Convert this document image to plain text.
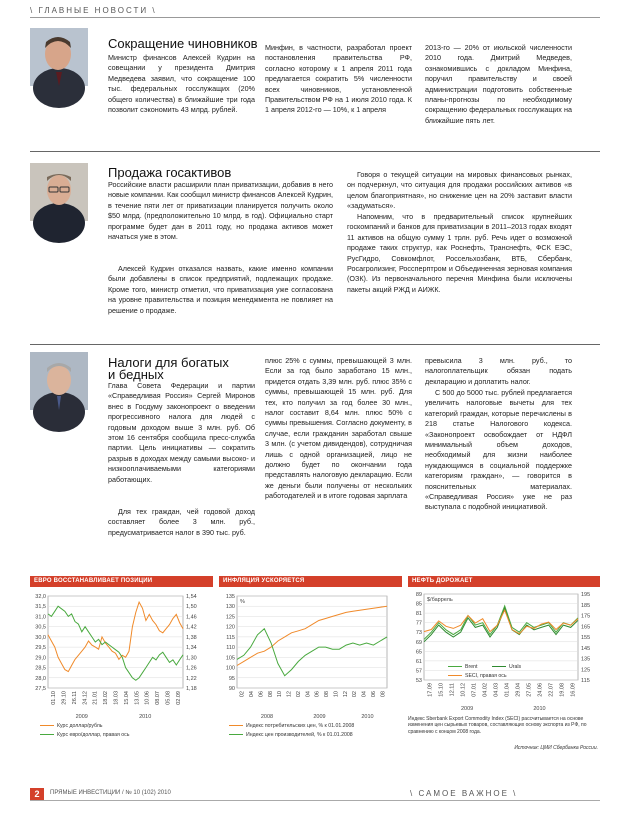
\ ГЛАВНЫЕ НОВОСТИ \
Сокращение чиновников
Министр финансов Алексей Кудрин на совещании у президента Дмитрия Медведева заявил, что сокращение 100 тыс. федеральных госслужащих (20% общего количества) в ближайшие три года позволит сэкономить 43 млрд. рублей.
Минфин, в частности, разработал проект постановления правительства РФ, согласно которому к 1 апреля 2011 года предлагается сократить 5% численности всех чиновников, установленной Правительством РФ на 1 июля 2010 года. К 1 апреля 2012-го — 10%, к 1 апреля
2013-го — 20% от июльской численности 2010 года. Дмитрий Медведев, ознакомившись с докладом Минфина, поручил правительству и своей администрации подготовить собственные планы-прогнозы по необходимому сокращению федеральных госслужащих на ближайшие пять лет.
Продажа госактивов
Российские власти расширили план приватизации, добавив в него новые компании. Как сообщил министр финансов Алексей Кудрин, в течение пяти лет от приватизации планируется получить около $50 млрд. (предположительно 10 млрд. в год). Официально старт программе будет дан в 2011 году, но продажа активов может начаться уже в этом.
Алексей Кудрин отказался назвать, какие именно компании были добавлены в список предприятий, подлежащих продаже. Кроме того, министр отметил, что приватизация уже согласована на уровне правительства и позиция менеджмента не повлияет на решение о продаже.
Говоря о текущей ситуации на мировых финансовых рынках, он подчеркнул, что ситуация для продажи российских активов «в целом благоприятная», но снижение цен на 20% заставит власти «задуматься».
Напомним, что в предварительный список крупнейших госкомпаний и банков для приватизации в 2011–2013 годах входят 11 активов на общую сумму 1 трлн. руб. Речь идет о возможной продаже таких структур, как Роснефть, Транснефть, ФСК ЕЭС, РусГидро, Совкомфлот, Россельхозбанк, ВТБ, Сбербанк, Росагролизинг, Россперптром и Объединенная зерновая компания (ОЗК). Из первоначального перечня Минфина были исключены пакеты акций РЖД и АИЖК.
Налоги для богатых
и бедных
Глава Совета Федерации и партии «Справедливая Россия» Сергей Миронов внес в Госдуму законопроект о введении прогрессивного налога для людей с годовым доходом выше 3 млн. руб. Об этом 16 сентября сообщила пресс-служба партии. Цель инициативы — сократить разрыв в доходах между самыми высоко- и низкооплачиваемыми категориями работающих.
Для тех граждан, чей годовой доход составляет более 3 млн. руб., предусматривается налог в 390 тыс. руб.
плюс 25% с суммы, превышающей 3 млн. Если за год было заработано 15 млн., придется отдать 3,39 млн. руб. плюс 35% с суммы, превышающей 15 млн. руб. Для тех, кто получил за год более 30 млн., налог составит 8,64 млн. плюс 50% с суммы превышения. Согласно документу, в случае, если гражданин заработал свыше 3 млн. (с учетом дивидендов), сотрудничая лишь с одной организацией, лицо не должно будет по окончании года представлять налоговую декларацию. Если же деньги были получены от нескольких работодателей и в итоге годовая зарплата
превысила 3 млн. руб., то налогоплательщик обязан подать декларацию и доплатить налог.
С 500 до 5000 тыс. рублей предлагается увеличить налоговые вычеты для тех категорий граждан, которые перечислены в 218 статье Налогового кодекса. «Законопроект освобождает от НДФЛ минимальный объем доходов, необходимый для жизни наиболее нуждающимся в социальной поддержке категориям граждан», — говорится в пояснительных материалах. «Справедливая Россия» уже не раз выступала с подобной инициативой.
ЕВРО ВОССТАНАВЛИВАЕТ ПОЗИЦИИ	ИНФЛЯЦИЯ УСКОРЯЕТСЯ	НЕФТЬ ДОРОЖАЕТ
32,0
31,5
31,0
30,5
30,0
29,5
29,0
28,5
28,0
27,5
1,54
1,50
1,46
1,42
1,38
1,34
1,30
1,26
1,22
1,18
01.10 29.10 26.11 24.12 21.01 18.02 18.03 15.04 13.05 10.06 08.07 05.08 02.09
2009	2010
135
130
125
120
115
110
105
100
95
90
02 04 06 08 10 12 02 04 06 08 10 12 02 04 06 08
%
2008	2009	2010
89
85
81
77
73
69
65
61
57
53
195
185
175
165
155
145
135
125
115
17.09 15.10 12.11 10.12 07.01 04.02 04.03 01.04 29.04 27.05 24.06 22.07 19.08 16.09
$/баррель
2009	2010
Курс доллар/рубль
Курс евро/доллар, правая ось
Индекс потребительских цен, % к 01.01.2008
Индекс цен производителей, % к 01.01.2008
Brent	Urals
SECI, правая ось
Индекс Sberbank Export Commodity Index (SECI) рассчитывается на основе изменения цен сырьевых товаров, составляющих основу экспорта из РФ, по сравнению с концом 2008 года.
Источник: ЦМИ Сбербанка России.
2	ПРЯМЫЕ ИНВЕСТИЦИИ / № 10 (102) 2010	\ САМОЕ ВАЖНОЕ \
